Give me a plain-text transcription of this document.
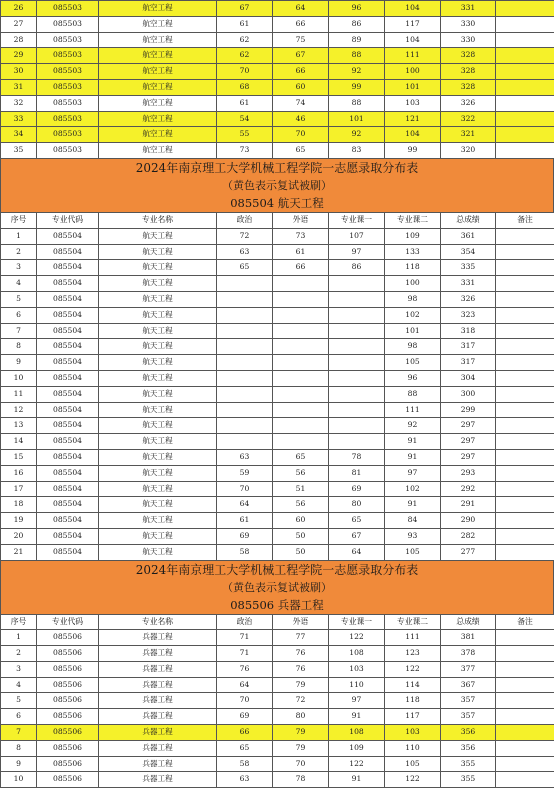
26	085503	航空工程	67	64	96	104	331	
27	085503	航空工程	61	66	86	117	330	
28	085503	航空工程	62	75	89	104	330	
29	085503	航空工程	62	67	88	111	328	
30	085503	航空工程	70	66	92	100	328	
31	085503	航空工程	68	60	99	101	328	
32	085503	航空工程	61	74	88	103	326	
33	085503	航空工程	54	46	101	121	322	
34	085503	航空工程	55	70	92	104	321	
35	085503	航空工程	73	65	83	99	320	
2024年南京理工大学机械工程学院一志愿录取分布表
（黄色表示复试被刷）
085504 航天工程
序号	专业代码	专业名称	政治	外语	专业课一	专业课二	总成绩	备注
1	085504	航天工程	72	73	107	109	361	
2	085504	航天工程	63	61	97	133	354	
3	085504	航天工程	65	66	86	118	335	
4	085504	航天工程				100	331	
5	085504	航天工程				98	326	
6	085504	航天工程				102	323	
7	085504	航天工程				101	318	
8	085504	航天工程				98	317	
9	085504	航天工程				105	317	
10	085504	航天工程				96	304	
11	085504	航天工程				88	300	
12	085504	航天工程				111	299	
13	085504	航天工程				92	297	
14	085504	航天工程				91	297	
15	085504	航天工程	63	65	78	91	297	
16	085504	航天工程	59	56	81	97	293	
17	085504	航天工程	70	51	69	102	292	
18	085504	航天工程	64	56	80	91	291	
19	085504	航天工程	61	60	65	84	290	
20	085504	航天工程	69	50	67	93	282	
21	085504	航天工程	58	50	64	105	277	
2024年南京理工大学机械工程学院一志愿录取分布表
（黄色表示复试被刷）
085506 兵器工程
序号	专业代码	专业名称	政治	外语	专业课一	专业课二	总成绩	备注
1	085506	兵器工程	71	77	122	111	381	
2	085506	兵器工程	71	76	108	123	378	
3	085506	兵器工程	76	76	103	122	377	
4	085506	兵器工程	64	79	110	114	367	
5	085506	兵器工程	70	72	97	118	357	
6	085506	兵器工程	69	80	91	117	357	
7	085506	兵器工程	66	79	108	103	356	
8	085506	兵器工程	65	79	109	110	356	
9	085506	兵器工程	58	70	122	105	355	
10	085506	兵器工程	63	78	91	122	355	
